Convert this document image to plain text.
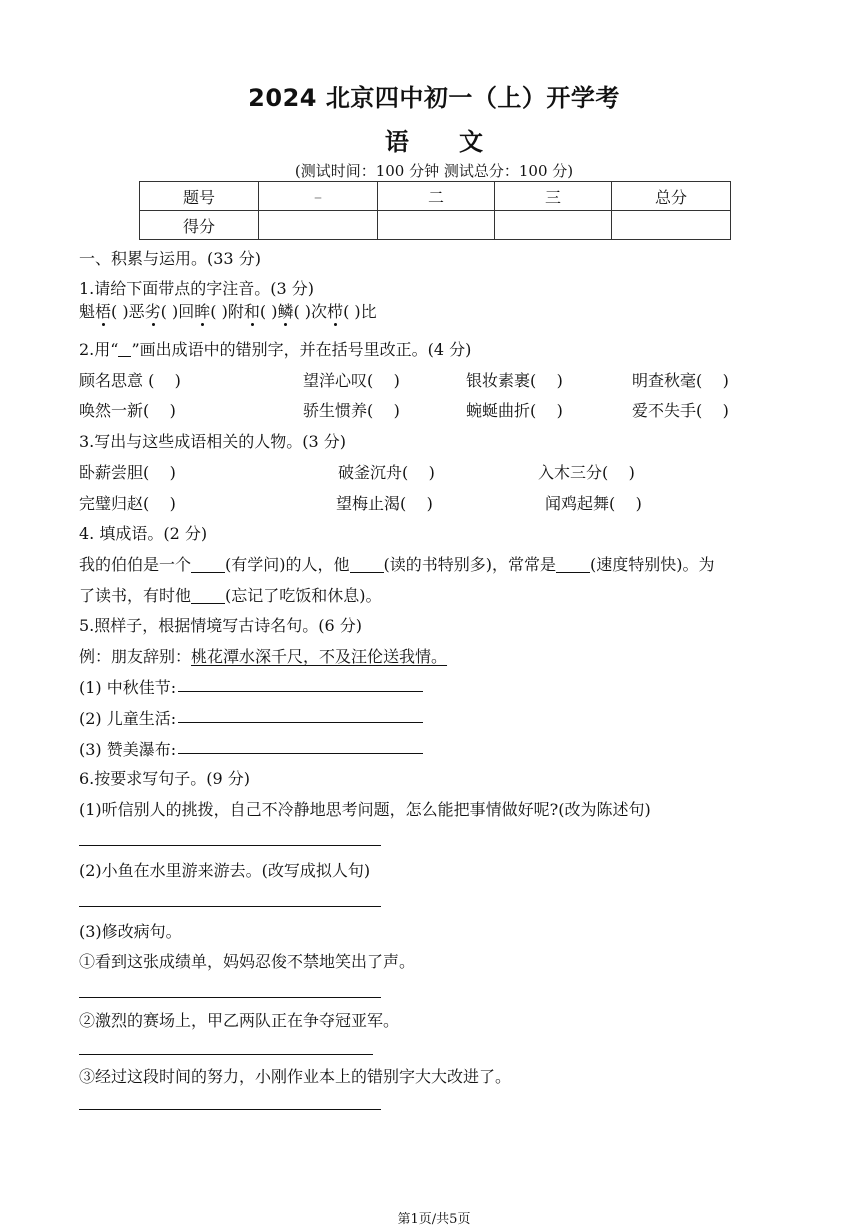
2024 北京四中初一（上）开学考
语      文
(测试时间：100 分钟 测试总分：100 分)
题号	–	二	三	总分
得分				
一、积累与运用。(33 分)
1.请给下面带点的字注音。(3 分)
魁梧( )恶劣( )回眸( )附和( )鳞( )次栉( )比
2.用“ ”画出成语中的错别字，并在括号里改正。(4 分)
顾名思意 (    )	望洋心叹(    )	银妆素裹(    )	明查秋毫(    )
唤然一新(    )	骄生惯养(    )	蜿蜒曲折(    )	爱不失手(    )
3.写出与这些成语相关的人物。(3 分)
卧薪尝胆(    )	破釜沉舟(    )	入木三分(    )
完璧归赵(    )	望梅止渴(    )	闻鸡起舞(    )
4. 填成语。(2 分)
我的伯伯是一个 (有学问)的人，他 (读的书特别多)，常常是 (速度特别快)。为
了读书，有时他 (忘记了吃饭和休息)。
5.照样子，根据情境写古诗名句。(6 分)
例：朋友辞别：桃花潭水深千尺，不及汪伦送我情。
(1) 中秋佳节:
(2) 儿童生活:
(3) 赞美瀑布:
6.按要求写句子。(9 分)
(1)听信别人的挑拨，自己不冷静地思考问题，怎么能把事情做好呢?(改为陈述句)
(2)小鱼在水里游来游去。(改写成拟人句)
(3)修改病句。
①看到这张成绩单，妈妈忍俊不禁地笑出了声。
②激烈的赛场上，甲乙两队正在争夺冠亚军。
③经过这段时间的努力，小刚作业本上的错别字大大改进了。
第1页/共5页
